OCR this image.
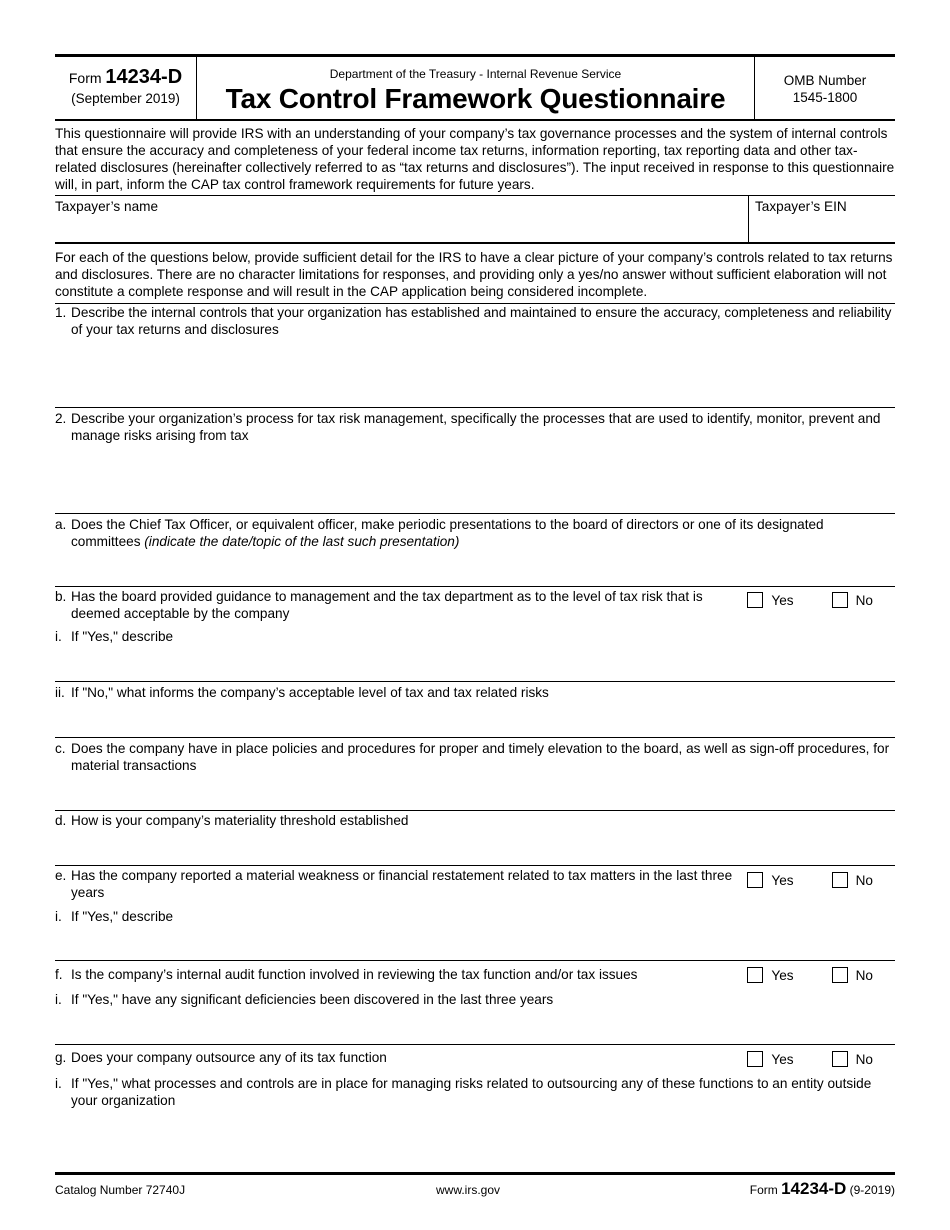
Form 14234-D
(September 2019)
Department of the Treasury - Internal Revenue Service
Tax Control Framework Questionnaire
OMB Number
1545-1800
This questionnaire will provide IRS with an understanding of your company’s tax governance processes and the system of internal controls that ensure the accuracy and completeness of your federal income tax returns, information reporting, tax reporting data and other tax-related disclosures (hereinafter collectively referred to as “tax returns and disclosures”). The input received in response to this questionnaire will, in part, inform the CAP tax control framework requirements for future years.
Taxpayer’s name	Taxpayer’s EIN
For each of the questions below, provide sufficient detail for the IRS to have a clear picture of your company’s controls related to tax returns and disclosures. There are no character limitations for responses, and providing only a yes/no answer without sufficient elaboration will not constitute a complete response and will result in the CAP application being considered incomplete.
1. Describe the internal controls that your organization has established and maintained to ensure the accuracy, completeness and reliability of your tax returns and disclosures
2. Describe your organization’s process for tax risk management, specifically the processes that are used to identify, monitor, prevent and manage risks arising from tax
a. Does the Chief Tax Officer, or equivalent officer, make periodic presentations to the board of directors or one of its designated committees (indicate the date/topic of the last such presentation)
b. Has the board provided guidance to management and the tax department as to the level of tax risk that is deemed acceptable by the company
Yes	No
i. If "Yes," describe
ii. If "No," what informs the company’s acceptable level of tax and tax related risks
c. Does the company have in place policies and procedures for proper and timely elevation to the board, as well as sign-off procedures, for material transactions
d. How is your company’s materiality threshold established
e. Has the company reported a material weakness or financial restatement related to tax matters in the last three years
Yes	No
i. If "Yes," describe
f. Is the company’s internal audit function involved in reviewing the tax function and/or tax issues	Yes	No
i. If "Yes," have any significant deficiencies been discovered in the last three years
g. Does your company outsource any of its tax function	Yes	No
i. If "Yes," what processes and controls are in place for managing risks related to outsourcing any of these functions to an entity outside your organization
Catalog Number 72740J	www.irs.gov	Form 14234-D (9-2019)
